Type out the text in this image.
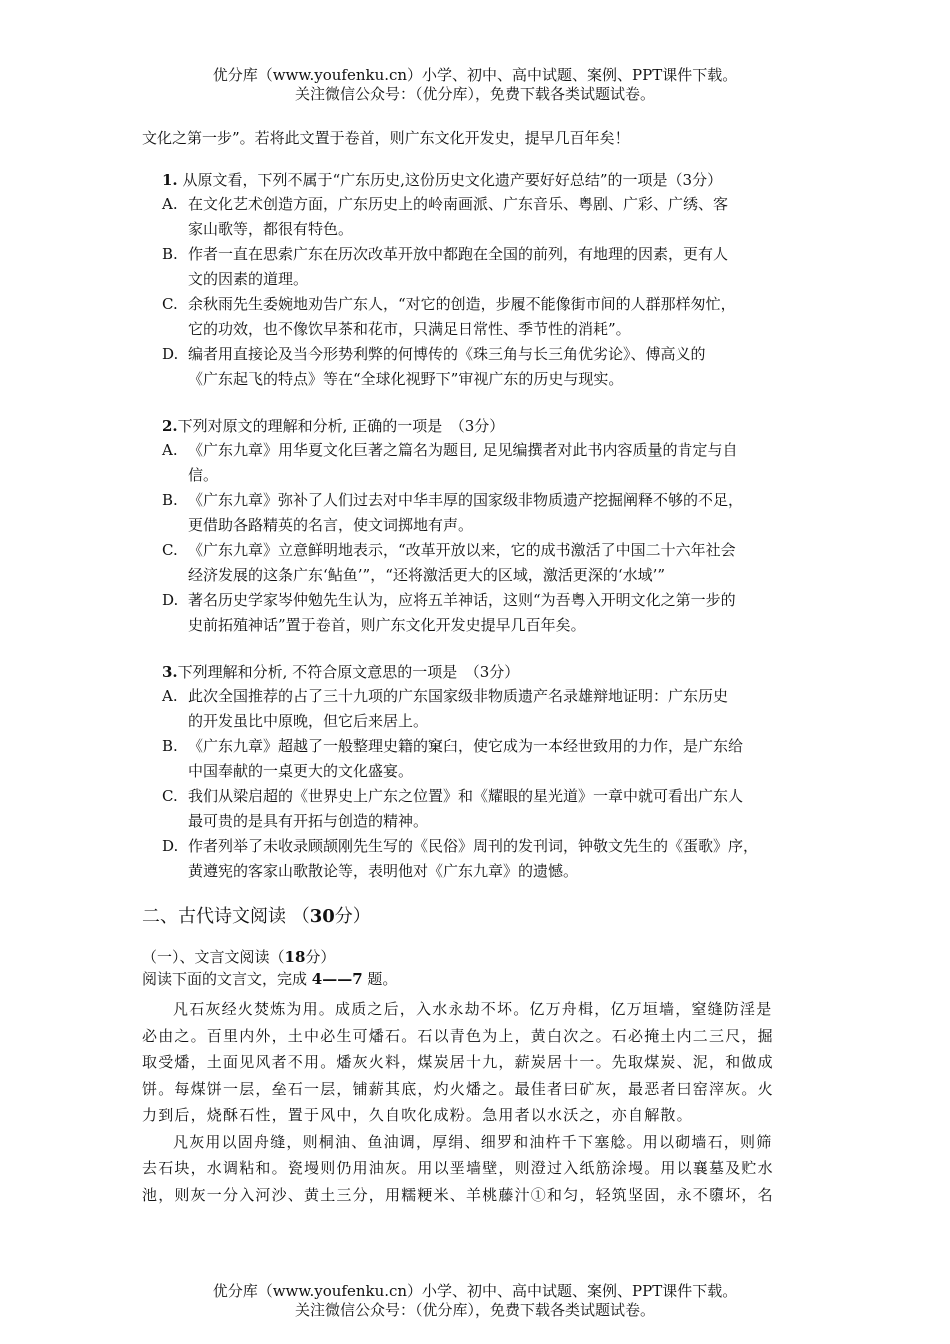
优分库（www.youfenku.cn）小学、初中、高中试题、案例、PPT课件下载。
关注微信公众号：（优分库），免费下载各类试题试卷。
文化之第一步”。若将此文置于卷首，则广东文化开发史，提早几百年矣！
1. 从原文看，下列不属于“广东历史,这份历史文化遗产要好好总结”的一项是（3分）
A. 在文化艺术创造方面，广东历史上的岭南画派、广东音乐、粤剧、广彩、广绣、客
家山歌等，都很有特色。
B. 作者一直在思索广东在历次改革开放中都跑在全国的前列，有地理的因素，更有人
文的因素的道理。
C. 余秋雨先生委婉地劝告广东人，“对它的创造，步履不能像街市间的人群那样匆忙，
它的功效，也不像饮早茶和花市，只满足日常性、季节性的消耗”。
D. 编者用直接论及当今形势利弊的何博传的《珠三角与长三角优劣论》、傅高义的
《广东起飞的特点》等在“全球化视野下”审视广东的历史与现实。
2.下列对原文的理解和分析, 正确的一项是　（3分）
A. 《广东九章》用华夏文化巨著之篇名为题目, 足见编撰者对此书内容质量的肯定与自
信。
B. 《广东九章》弥补了人们过去对中华丰厚的国家级非物质遗产挖掘阐释不够的不足，
更借助各路精英的名言，使文词掷地有声。
C. 《广东九章》立意鲜明地表示，“改革开放以来，它的成书激活了中国二十六年社会
经济发展的这条广东‘鲇鱼’”，“还将激活更大的区域，激活更深的‘水域’”
D. 著名历史学家岑仲勉先生认为，应将五羊神话，这则“为吾粤入开明文化之第一步的
史前拓殖神话”置于卷首，则广东文化开发史提早几百年矣。
3.下列理解和分析, 不符合原文意思的一项是　（3分）
A. 此次全国推荐的占了三十九项的广东国家级非物质遗产名录雄辩地证明：广东历史
的开发虽比中原晚，但它后来居上。
B. 《广东九章》超越了一般整理史籍的窠臼，使它成为一本经世致用的力作，是广东给
中国奉献的一桌更大的文化盛宴。
C. 我们从梁启超的《世界史上广东之位置》和《耀眼的星光道》一章中就可看出广东人
最可贵的是具有开拓与创造的精神。
D. 作者列举了未收录顾颉刚先生写的《民俗》周刊的发刊词，钟敬文先生的《蛋歌》序，
黄遵宪的客家山歌散论等，表明他对《广东九章》的遗憾。
二、古代诗文阅读 （30分）
（一）、文言文阅读（18分）
阅读下面的文言文，完成 4——7 题。
凡石灰经火焚炼为用。成质之后，入水永劫不坏。亿万舟楫，亿万垣墙，窒缝防淫是
必由之。百里内外，土中必生可燔石。石以青色为上，黄白次之。石必掩土内二三尺，掘
取受燔，土面见风者不用。燔灰火料，煤炭居十九，薪炭居十一。先取煤炭、泥，和做成
饼。每煤饼一层，垒石一层，铺薪其底，灼火燔之。最佳者曰矿灰，最恶者曰窑滓灰。火
力到后，烧酥石性，置于风中，久自吹化成粉。急用者以水沃之，亦自解散。
凡灰用以固舟缝，则桐油、鱼油调，厚绢、细罗和油杵千下塞艌。用以砌墙石，则筛
去石块，水调粘和。瓷墁则仍用油灰。用以垩墙壁，则澄过入纸筋涂墁。用以襄墓及贮水
池，则灰一分入河沙、黄土三分，用糯粳米、羊桃藤汁①和匀，轻筑坚固，永不隳坏，名
优分库（www.youfenku.cn）小学、初中、高中试题、案例、PPT课件下载。
关注微信公众号：（优分库），免费下载各类试题试卷。
